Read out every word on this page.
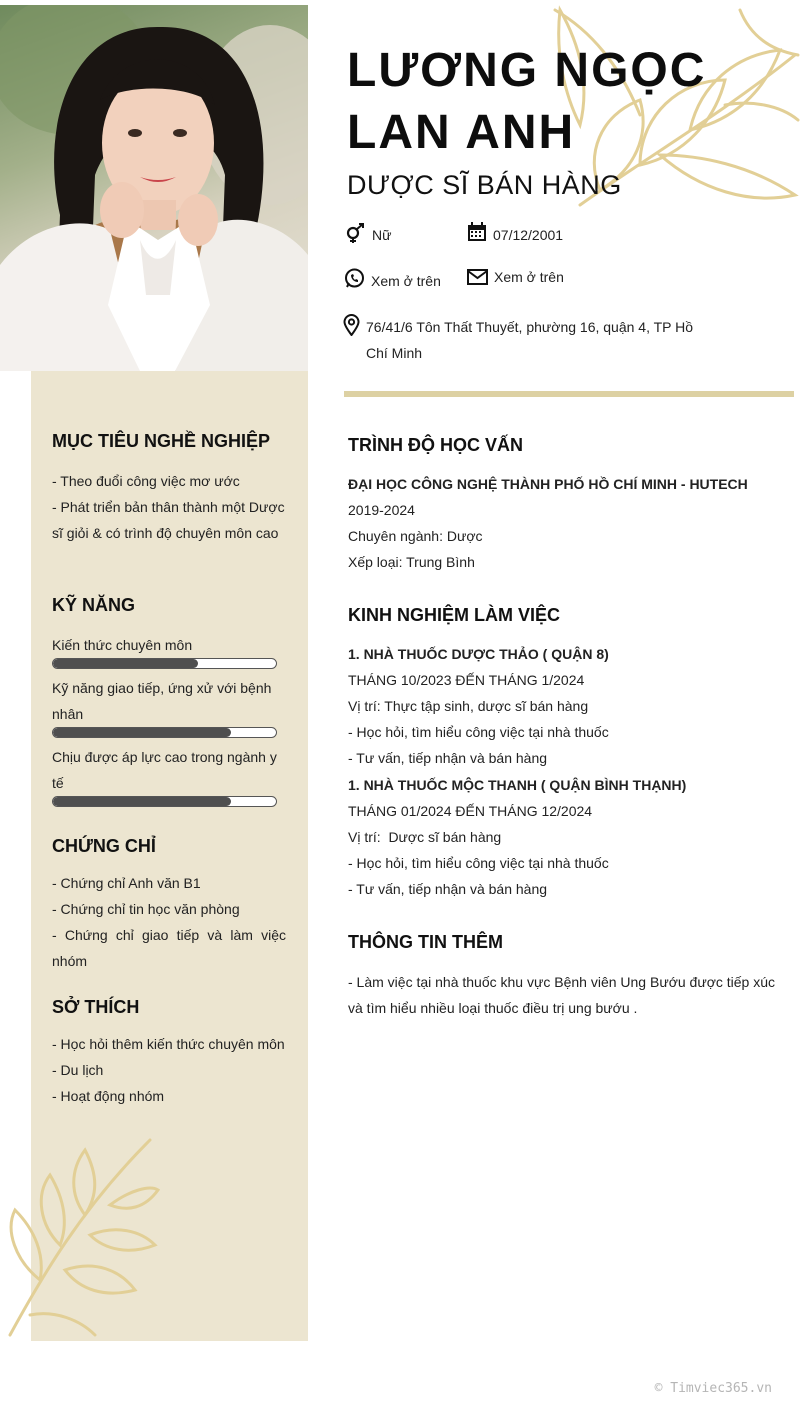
LƯƠNG NGỌC
LAN ANH
DƯỢC SĨ BÁN HÀNG
Nữ	07/12/2001
Xem ở trên	Xem ở trên
76/41/6 Tôn Thất Thuyết, phường 16, quận 4, TP Hồ
Chí Minh
MỤC TIÊU NGHỀ NGHIỆP
- Theo đuổi công việc mơ ước
- Phát triển bản thân thành một Dược
sĩ giỏi & có trình độ chuyên môn cao
KỸ NĂNG
Kiến thức chuyên môn
Kỹ năng giao tiếp, ứng xử với bệnh
nhân
Chịu được áp lực cao trong ngành y
tế
CHỨNG CHỈ
- Chứng chỉ Anh văn B1
- Chứng chỉ tin học văn phòng
- Chứng chỉ giao tiếp và làm việc
nhóm
SỞ THÍCH
- Học hỏi thêm kiến thức chuyên môn
- Du lịch
- Hoạt động nhóm
TRÌNH ĐỘ HỌC VẤN
ĐẠI HỌC CÔNG NGHỆ THÀNH PHỐ HỒ CHÍ MINH - HUTECH
2019-2024
Chuyên ngành: Dược
Xếp loại: Trung Bình
KINH NGHIỆM LÀM VIỆC
1. NHÀ THUỐC DƯỢC THẢO ( QUẬN 8)
THÁNG 10/2023 ĐẾN THÁNG 1/2024
Vị trí: Thực tập sinh, dược sĩ bán hàng
- Học hỏi, tìm hiểu công việc tại nhà thuốc
- Tư vấn, tiếp nhận và bán hàng
1. NHÀ THUỐC MỘC THANH ( QUẬN BÌNH THẠNH)
THÁNG 01/2024 ĐẾN THÁNG 12/2024
Vị trí:  Dược sĩ bán hàng
- Học hỏi, tìm hiểu công việc tại nhà thuốc
- Tư vấn, tiếp nhận và bán hàng
THÔNG TIN THÊM
- Làm việc tại nhà thuốc khu vực Bệnh viên Ung Bướu được tiếp xúc
và tìm hiểu nhiều loại thuốc điều trị ung bướu .
© Timviec365.vn
